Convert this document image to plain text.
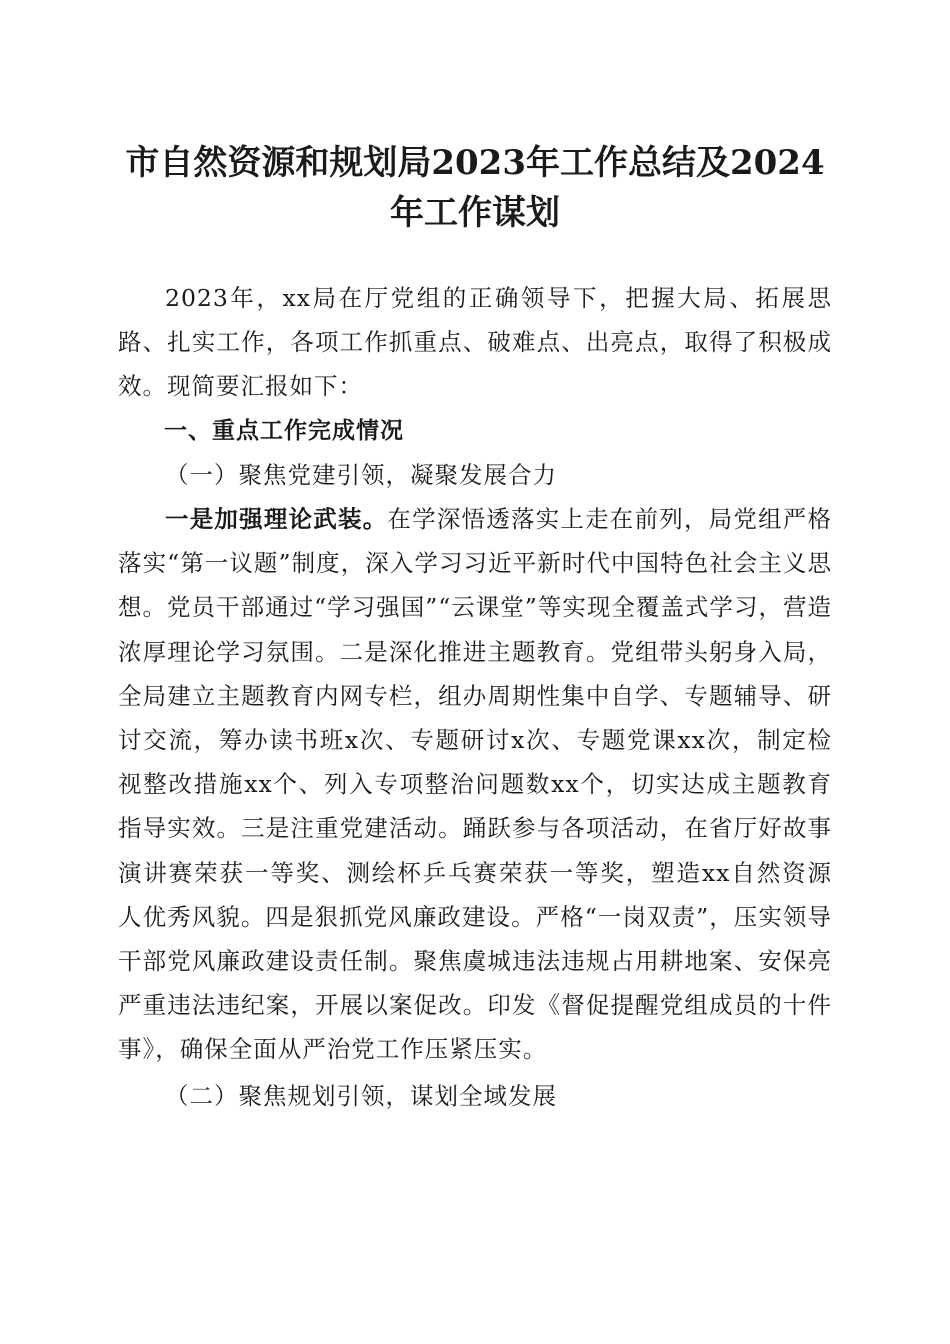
市自然资源和规划局2023年工作总结及2024年工作谋划

2023年，xx局在厅党组的正确领导下，把握大局、拓展思路、扎实工作，各项工作抓重点、破难点、出亮点，取得了积极成效。现简要汇报如下：

一、重点工作完成情况

（一）聚焦党建引领，凝聚发展合力

一是加强理论武装。在学深悟透落实上走在前列，局党组严格落实“第一议题”制度，深入学习习近平新时代中国特色社会主义思想。党员干部通过“学习强国”“云课堂”等实现全覆盖式学习，营造浓厚理论学习氛围。二是深化推进主题教育。党组带头躬身入局，全局建立主题教育内网专栏，组办周期性集中自学、专题辅导、研讨交流，筹办读书班x次、专题研讨x次、专题党课xx次，制定检视整改措施xx个、列入专项整治问题数xx个，切实达成主题教育指导实效。三是注重党建活动。踊跃参与各项活动，在省厅好故事演讲赛荣获一等奖、测绘杯乒乓赛荣获一等奖，塑造xx自然资源人优秀风貌。四是狠抓党风廉政建设。严格“一岗双责”，压实领导干部党风廉政建设责任制。聚焦虞城违法违规占用耕地案、安保亮严重违法违纪案，开展以案促改。印发《督促提醒党组成员的十件事》，确保全面从严治党工作压紧压实。

（二）聚焦规划引领，谋划全域发展
